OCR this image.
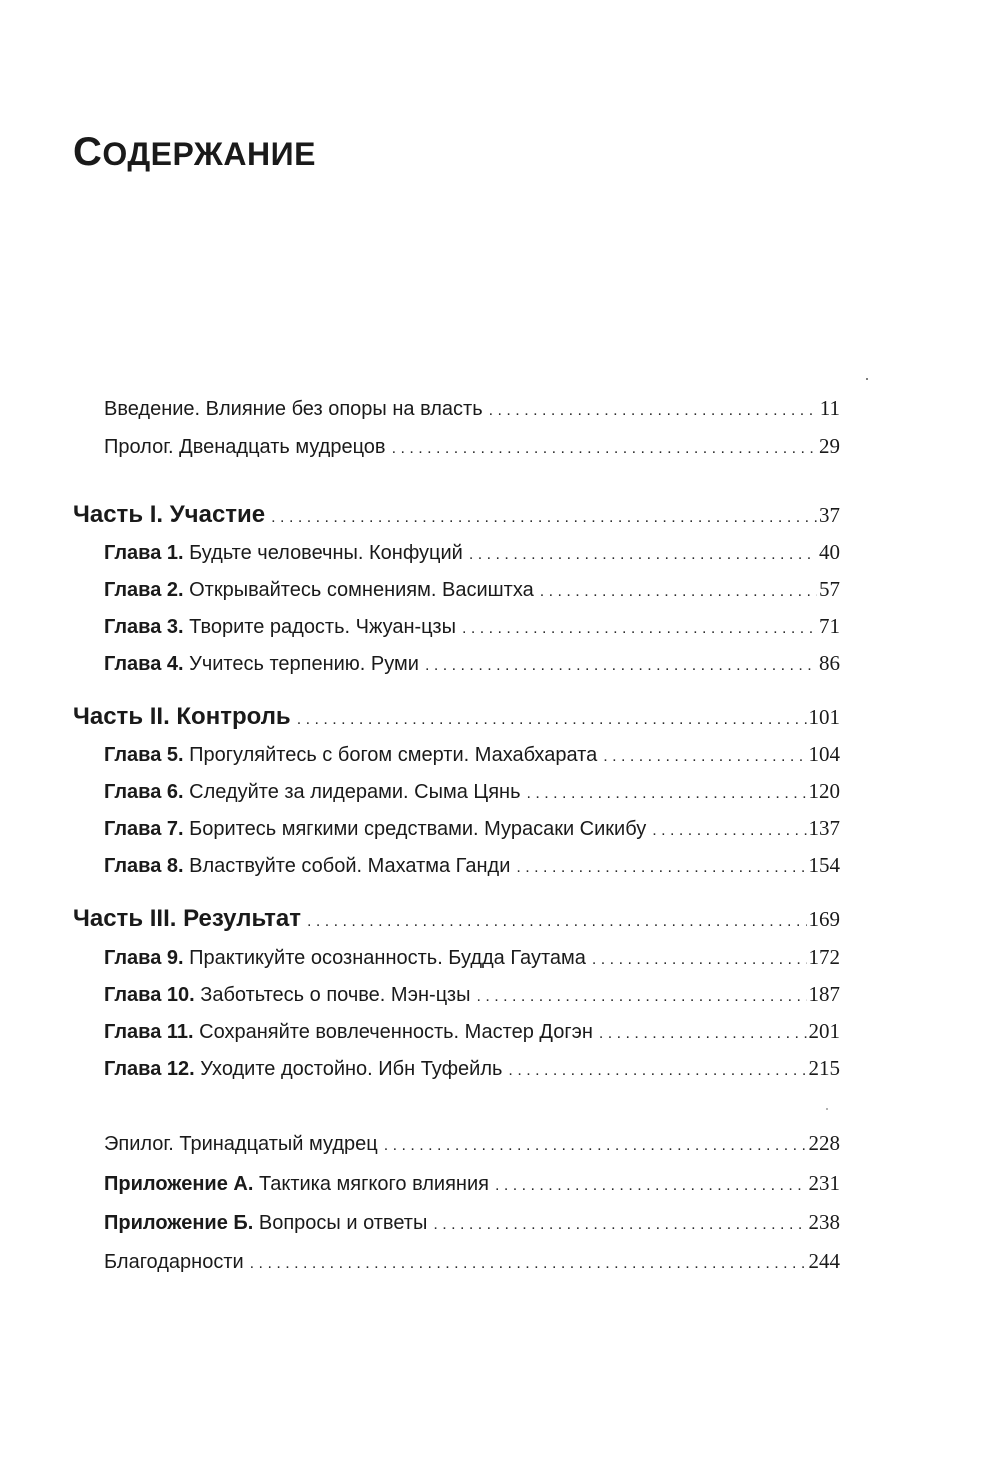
СОДЕРЖАНИЕ
Введение. Влияние без опоры на власть . . .	11
Пролог. Двенадцать мудрецов . . .	29
Часть I. Участие . . .	37
Глава 1. Будьте человечны. Конфуций . . .	40
Глава 2. Открывайтесь сомнениям. Васиштха . . .	57
Глава 3. Творите радость. Чжуан-цзы . . .	71
Глава 4. Учитесь терпению. Руми . . .	86
Часть II. Контроль . . .	101
Глава 5. Прогуляйтесь с богом смерти. Махабхарата . . .	104
Глава 6. Следуйте за лидерами. Сыма Цянь . . .	120
Глава 7. Боритесь мягкими средствами. Мурасаки Сикибу . . .	137
Глава 8. Властвуйте собой. Махатма Ганди . . .	154
Часть III. Результат . . .	169
Глава 9. Практикуйте осознанность. Будда Гаутама . . .	172
Глава 10. Заботьтесь о почве. Мэн-цзы . . .	187
Глава 11. Сохраняйте вовлеченность. Мастер Догэн . . .	201
Глава 12. Уходите достойно. Ибн Туфейль . . .	215
Эпилог. Тринадцатый мудрец . . .	228
Приложение А. Тактика мягкого влияния . . .	231
Приложение Б. Вопросы и ответы . . .	238
Благодарности . . .	244
